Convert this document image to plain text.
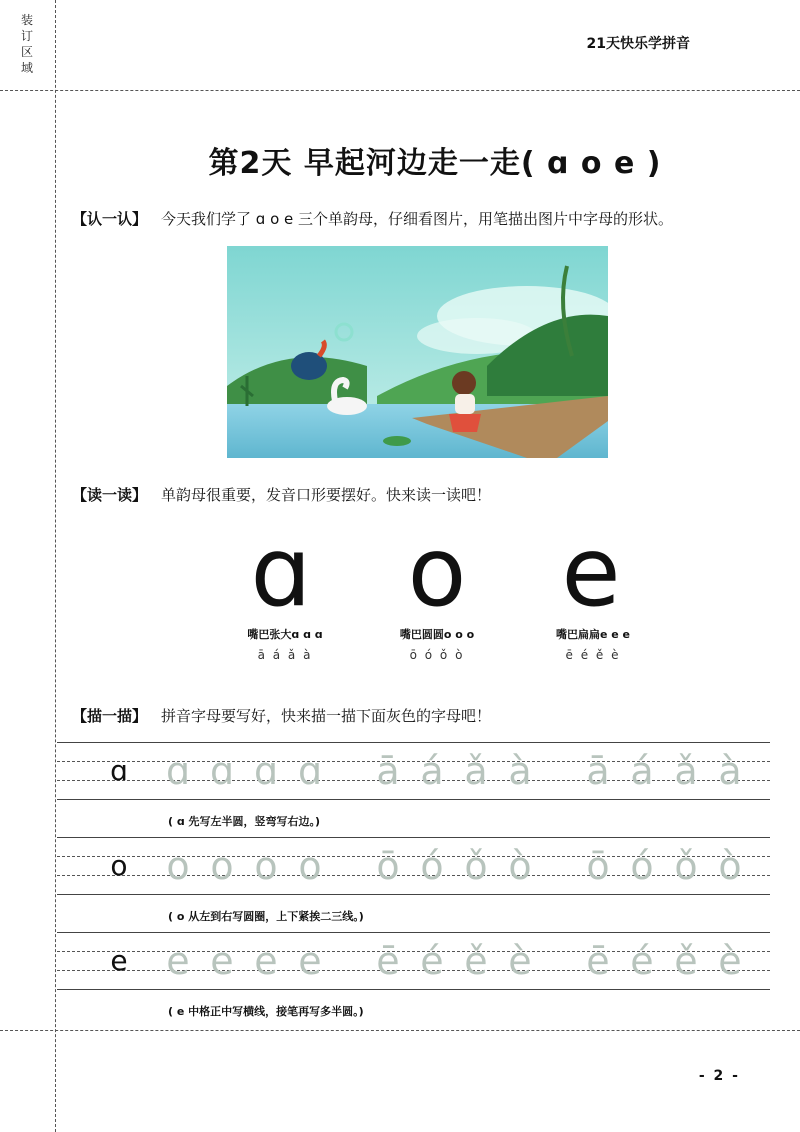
装订区域
21天快乐学拼音
第2天 早起河边走一走( ɑ o e )
【认一认】 今天我们学了 ɑ o e 三个单韵母，仔细看图片，用笔描出图片中字母的形状。
【读一读】 单韵母很重要，发音口形要摆好。快来读一读吧！
ɑ
嘴巴张大ɑ ɑ ɑ
ā á ǎ à
o
嘴巴圆圆o o o
ō ó ǒ ò
e
嘴巴扁扁e e e
ē é ě è
【描一描】 拼音字母要写好，快来描一描下面灰色的字母吧！
ɑ ɑ ɑ ɑ ɑ ā á ǎ à ā á ǎ à
( ɑ 先写左半圆，竖弯写右边。)
o o o o o ō ó ǒ ò ō ó ǒ ò
( o 从左到右写圆圈，上下紧挨二三线。)
e e e e e ē é ě è ē é ě è
( e 中格正中写横线，接笔再写多半圆。)
- 2 -
